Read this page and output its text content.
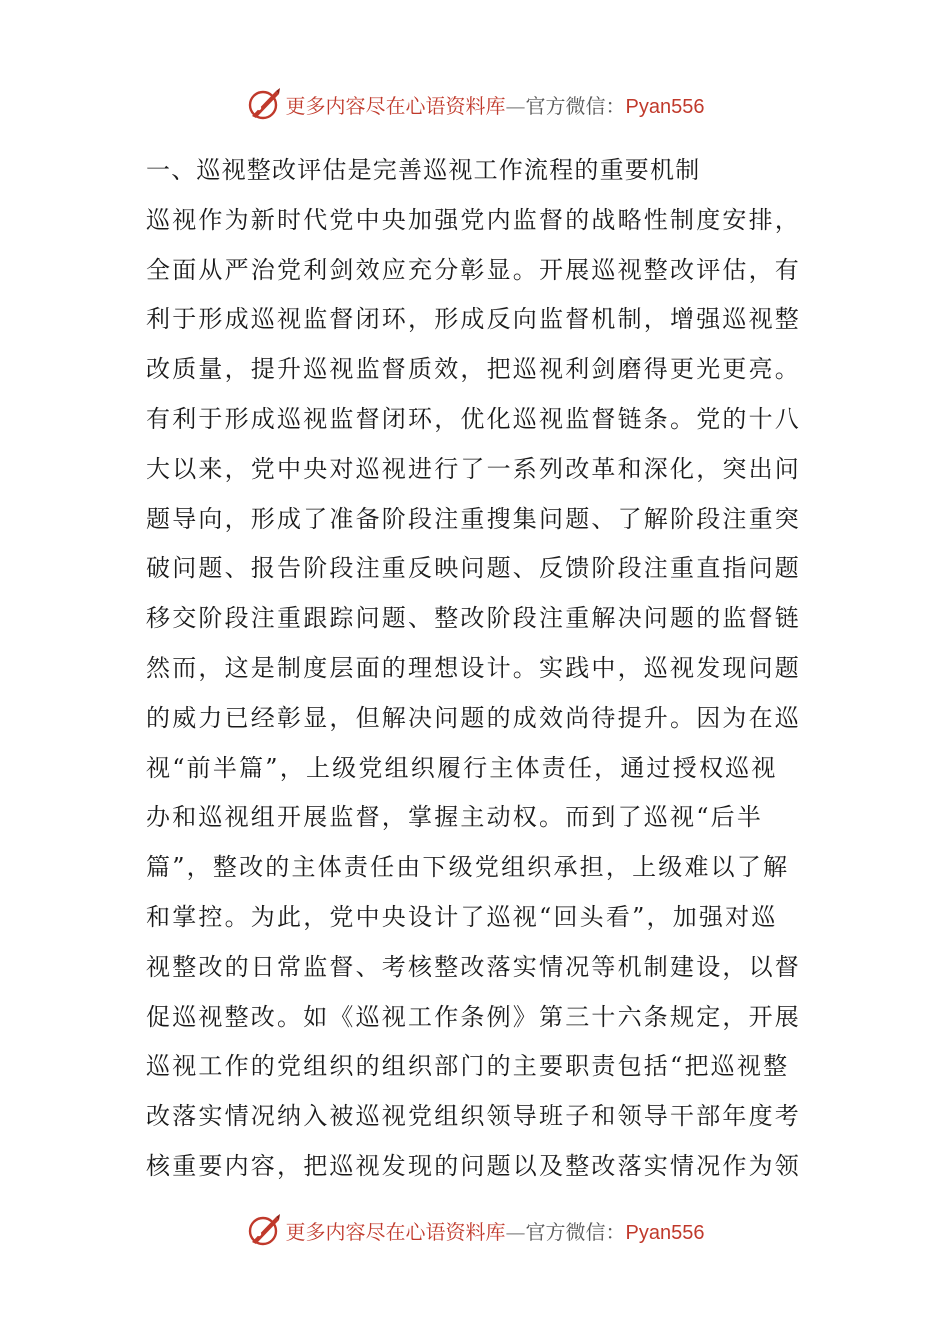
更多内容尽在心语资料库—官方微信：Pyan556
一、巡视整改评估是完善巡视工作流程的重要机制
巡视作为新时代党中央加强党内监督的战略性制度安排，
全面从严治党利剑效应充分彰显。开展巡视整改评估，有
利于形成巡视监督闭环，形成反向监督机制，增强巡视整
改质量，提升巡视监督质效，把巡视利剑磨得更光更亮。
有利于形成巡视监督闭环，优化巡视监督链条。党的十八
大以来，党中央对巡视进行了一系列改革和深化，突出问
题导向，形成了准备阶段注重搜集问题、了解阶段注重突
破问题、报告阶段注重反映问题、反馈阶段注重直指问题
移交阶段注重跟踪问题、整改阶段注重解决问题的监督链
然而，这是制度层面的理想设计。实践中，巡视发现问题
的威力已经彰显，但解决问题的成效尚待提升。因为在巡
视“前半篇”，上级党组织履行主体责任，通过授权巡视
办和巡视组开展监督，掌握主动权。而到了巡视“后半
篇”，整改的主体责任由下级党组织承担，上级难以了解
和掌控。为此，党中央设计了巡视“回头看”，加强对巡
视整改的日常监督、考核整改落实情况等机制建设，以督
促巡视整改。如《巡视工作条例》第三十六条规定，开展
巡视工作的党组织的组织部门的主要职责包括“把巡视整
改落实情况纳入被巡视党组织领导班子和领导干部年度考
核重要内容，把巡视发现的问题以及整改落实情况作为领
更多内容尽在心语资料库—官方微信：Pyan556
